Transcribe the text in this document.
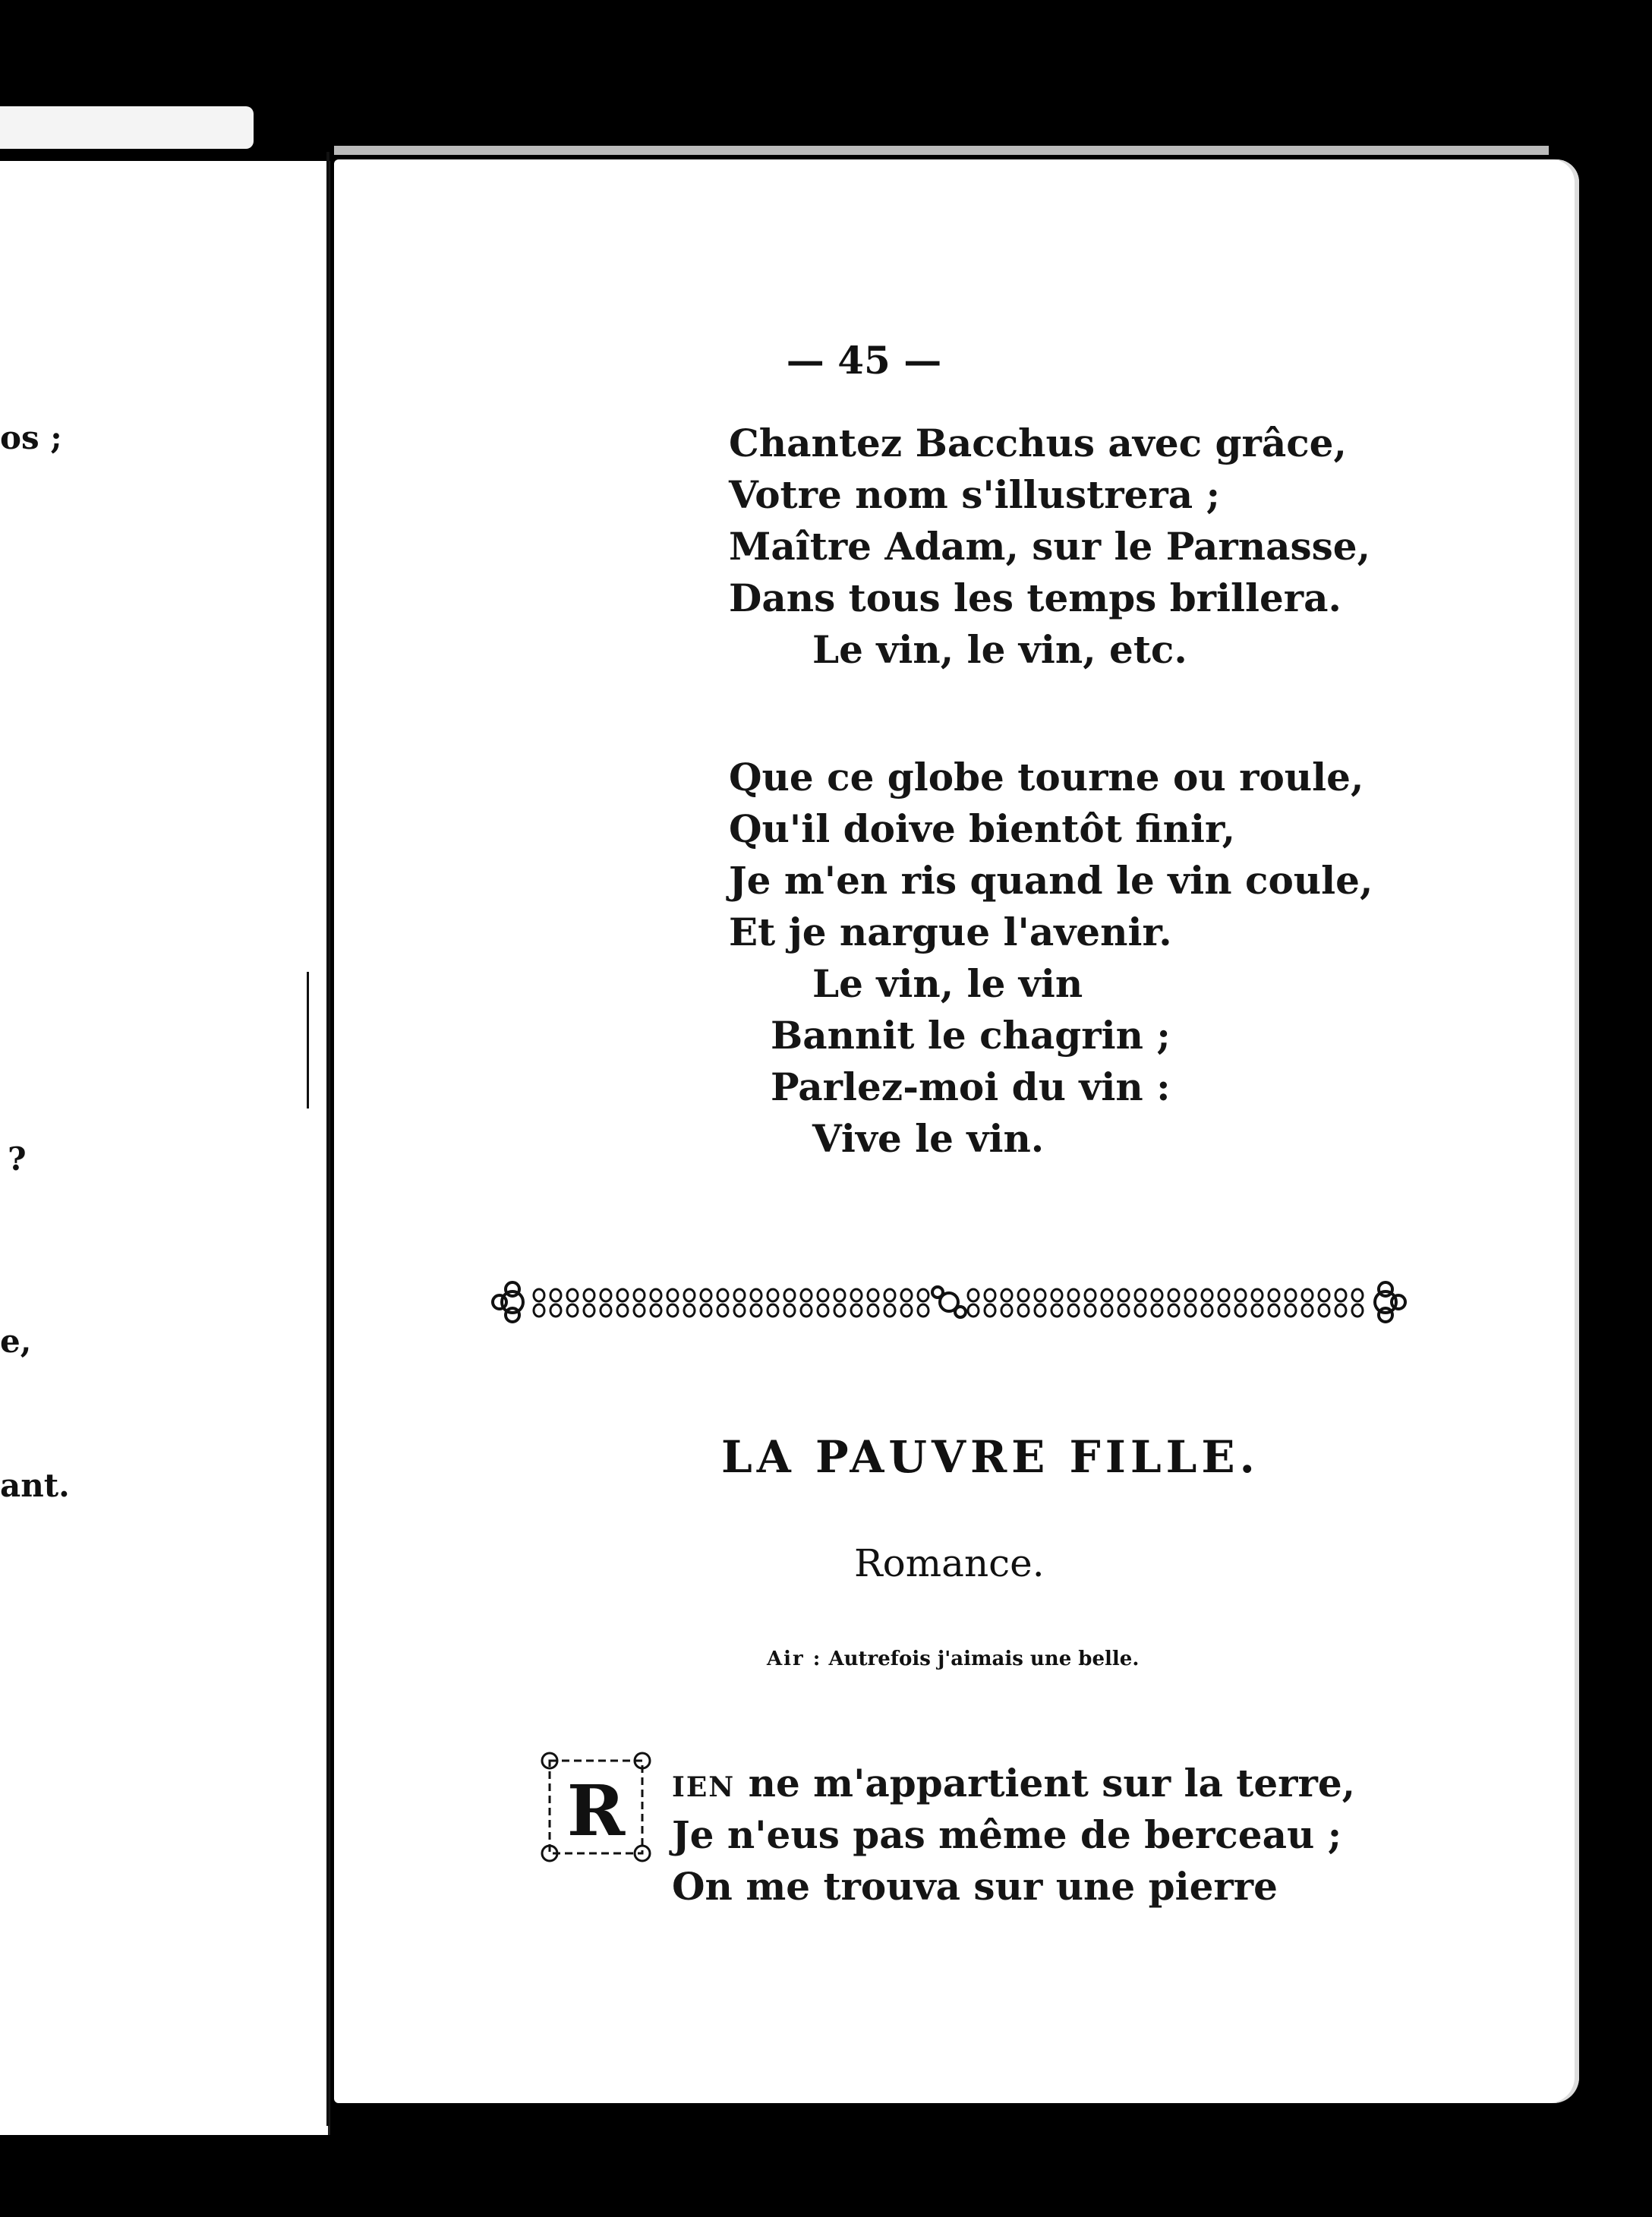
os ;
?
e,
ant.
— 45 —
Chantez Bacchus avec grâce,
Votre nom s'illustrera ;
Maître Adam, sur le Parnasse,
Dans tous les temps brillera.
Le vin, le vin, etc.
Que ce globe tourne ou roule,
Qu'il doive bientôt finir,
Je m'en ris quand le vin coule,
Et je nargue l'avenir.
Le vin, le vin
Bannit le chagrin ;
Parlez-moi du vin :
Vive le vin.
LA PAUVRE FILLE.
Romance.
Air : Autrefois j'aimais une belle.
R IEN ne m'appartient sur la terre,
Je n'eus pas même de berceau ;
On me trouva sur une pierre
